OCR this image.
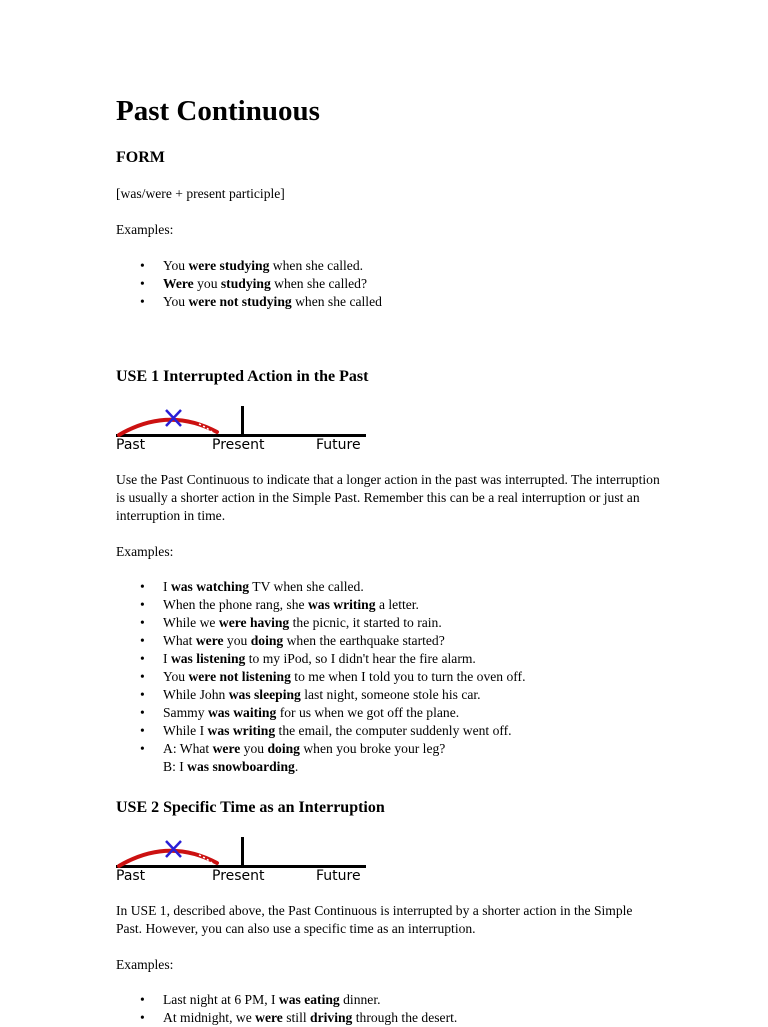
Past Continuous
FORM
[was/were + present participle]
Examples:
• You were studying when she called.
• Were you studying when she called?
• You were not studying when she called
USE 1 Interrupted Action in the Past
Past	Present	Future
Use the Past Continuous to indicate that a longer action in the past was interrupted. The interruption is usually a shorter action in the Simple Past. Remember this can be a real interruption or just an interruption in time.
Examples:
• I was watching TV when she called.
• When the phone rang, she was writing a letter.
• While we were having the picnic, it started to rain.
• What were you doing when the earthquake started?
• I was listening to my iPod, so I didn't hear the fire alarm.
• You were not listening to me when I told you to turn the oven off.
• While John was sleeping last night, someone stole his car.
• Sammy was waiting for us when we got off the plane.
• While I was writing the email, the computer suddenly went off.
• A: What were you doing when you broke your leg?
B: I was snowboarding.
USE 2 Specific Time as an Interruption
Past	Present	Future
In USE 1, described above, the Past Continuous is interrupted by a shorter action in the Simple Past. However, you can also use a specific time as an interruption.
Examples:
• Last night at 6 PM, I was eating dinner.
• At midnight, we were still driving through the desert.
